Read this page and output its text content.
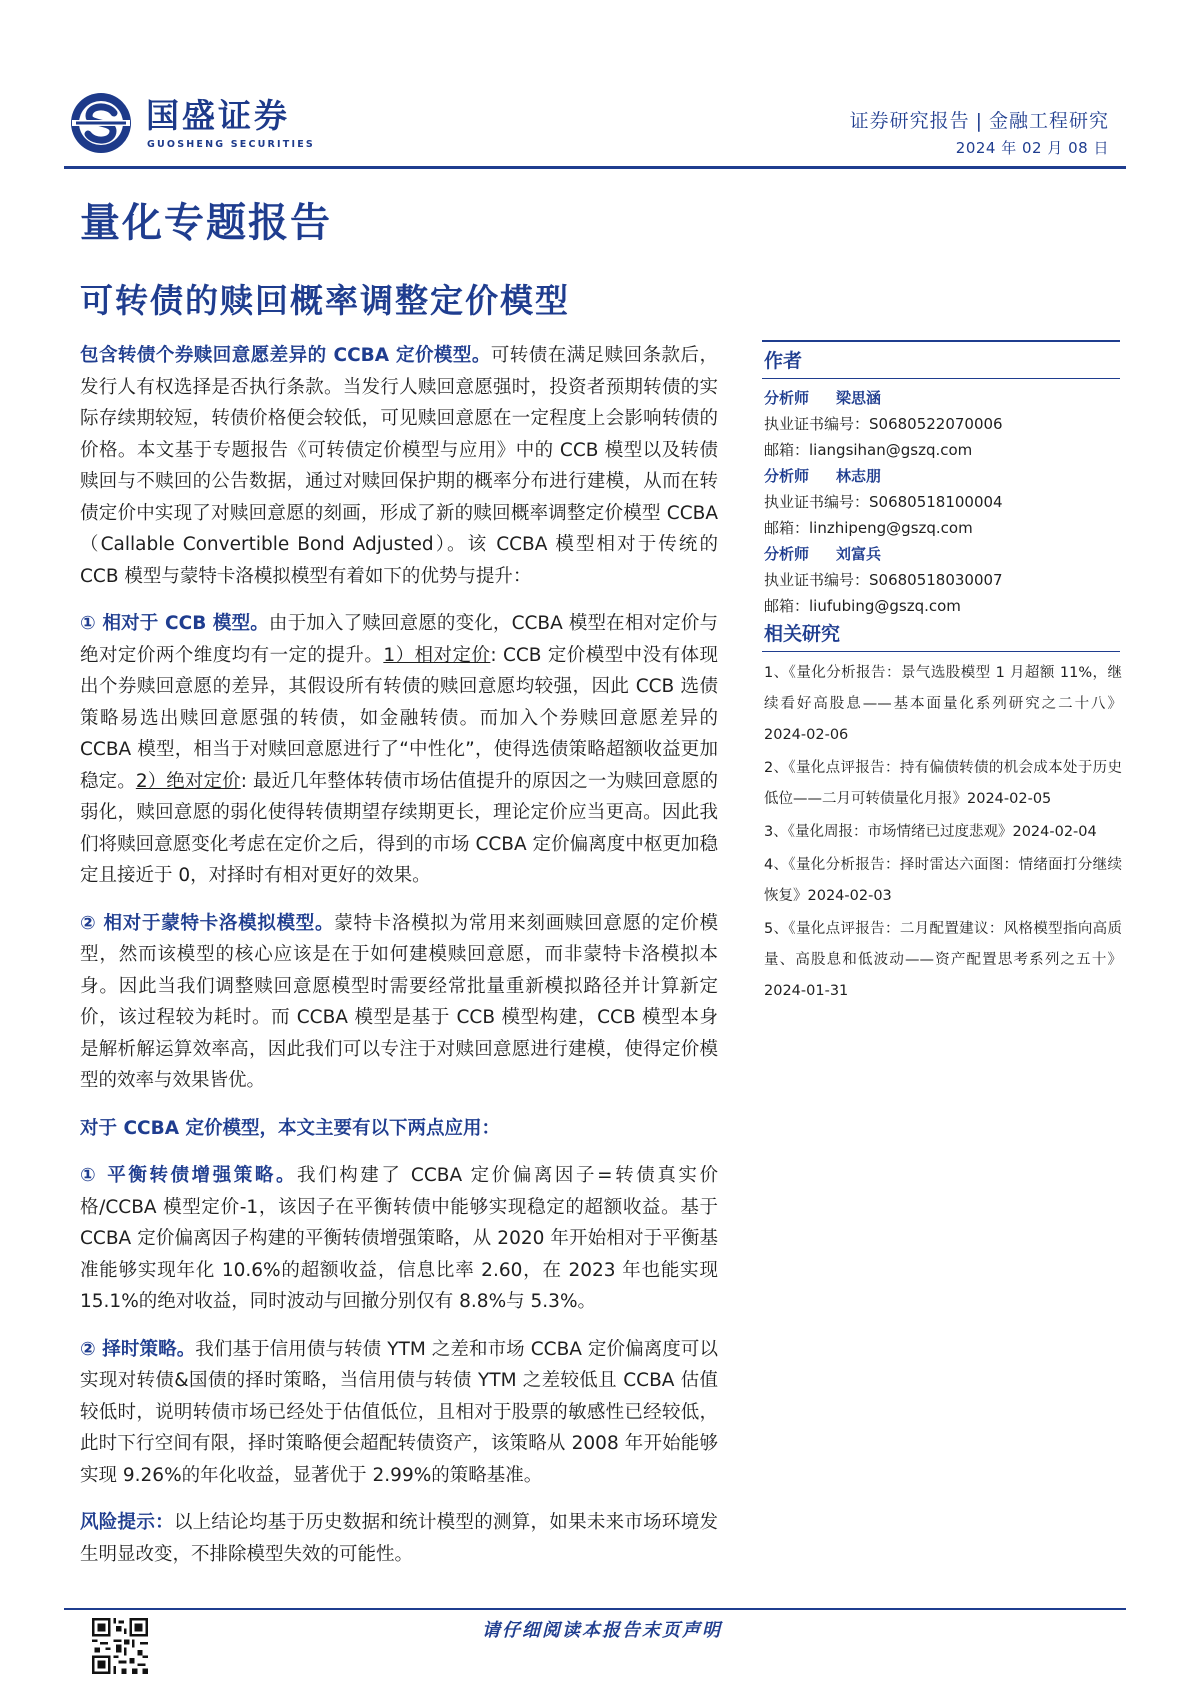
国盛证券
GUOSHENG SECURITIES
证券研究报告 | 金融工程研究
2024 年 02 月 08 日
量化专题报告
可转债的赎回概率调整定价模型

包含转债个券赎回意愿差异的 CCBA 定价模型。可转债在满足赎回条款后，发行人有权选择是否执行条款。当发行人赎回意愿强时，投资者预期转债的实际存续期较短，转债价格便会较低，可见赎回意愿在一定程度上会影响转债的价格。本文基于专题报告《可转债定价模型与应用》中的 CCB 模型以及转债赎回与不赎回的公告数据，通过对赎回保护期的概率分布进行建模，从而在转债定价中实现了对赎回意愿的刻画，形成了新的赎回概率调整定价模型 CCBA（Callable Convertible Bond Adjusted）。该 CCBA 模型相对于传统的 CCB 模型与蒙特卡洛模拟模型有着如下的优势与提升：

① 相对于 CCB 模型。由于加入了赎回意愿的变化，CCBA 模型在相对定价与绝对定价两个维度均有一定的提升。1）相对定价: CCB 定价模型中没有体现出个券赎回意愿的差异，其假设所有转债的赎回意愿均较强，因此 CCB 选债策略易选出赎回意愿强的转债，如金融转债。而加入个券赎回意愿差异的 CCBA 模型，相当于对赎回意愿进行了“中性化”，使得选债策略超额收益更加稳定。2）绝对定价: 最近几年整体转债市场估值提升的原因之一为赎回意愿的弱化，赎回意愿的弱化使得转债期望存续期更长，理论定价应当更高。因此我们将赎回意愿变化考虑在定价之后，得到的市场 CCBA 定价偏离度中枢更加稳定且接近于 0，对择时有相对更好的效果。

② 相对于蒙特卡洛模拟模型。蒙特卡洛模拟为常用来刻画赎回意愿的定价模型，然而该模型的核心应该是在于如何建模赎回意愿，而非蒙特卡洛模拟本身。因此当我们调整赎回意愿模型时需要经常批量重新模拟路径并计算新定价，该过程较为耗时。而 CCBA 模型是基于 CCB 模型构建，CCB 模型本身是解析解运算效率高，因此我们可以专注于对赎回意愿进行建模，使得定价模型的效率与效果皆优。

对于 CCBA 定价模型，本文主要有以下两点应用：

① 平衡转债增强策略。我们构建了 CCBA 定价偏离因子=转债真实价格/CCBA 模型定价-1，该因子在平衡转债中能够实现稳定的超额收益。基于 CCBA 定价偏离因子构建的平衡转债增强策略，从 2020 年开始相对于平衡基准能够实现年化 10.6%的超额收益，信息比率 2.60，在 2023 年也能实现 15.1%的绝对收益，同时波动与回撤分别仅有 8.8%与 5.3%。

② 择时策略。我们基于信用债与转债 YTM 之差和市场 CCBA 定价偏离度可以实现对转债&国债的择时策略，当信用债与转债 YTM 之差较低且 CCBA 估值较低时，说明转债市场已经处于估值低位，且相对于股票的敏感性已经较低，此时下行空间有限，择时策略便会超配转债资产，该策略从 2008 年开始能够实现 9.26%的年化收益，显著优于 2.99%的策略基准。

风险提示：以上结论均基于历史数据和统计模型的测算，如果未来市场环境发生明显改变，不排除模型失效的可能性。

作者
分析师 梁思涵
执业证书编号：S0680522070006
邮箱：liangsihan@gszq.com
分析师 林志朋
执业证书编号：S0680518100004
邮箱：linzhipeng@gszq.com
分析师 刘富兵
执业证书编号：S0680518030007
邮箱：liufubing@gszq.com
相关研究
1、《量化分析报告：景气选股模型 1 月超额 11%，继续看好高股息——基本面量化系列研究之二十八》2024-02-06
2、《量化点评报告：持有偏债转债的机会成本处于历史低位——二月可转债量化月报》2024-02-05
3、《量化周报：市场情绪已过度悲观》2024-02-04
4、《量化分析报告：择时雷达六面图：情绪面打分继续恢复》2024-02-03
5、《量化点评报告：二月配置建议：风格模型指向高质量、高股息和低波动——资产配置思考系列之五十》2024-01-31
请仔细阅读本报告末页声明
